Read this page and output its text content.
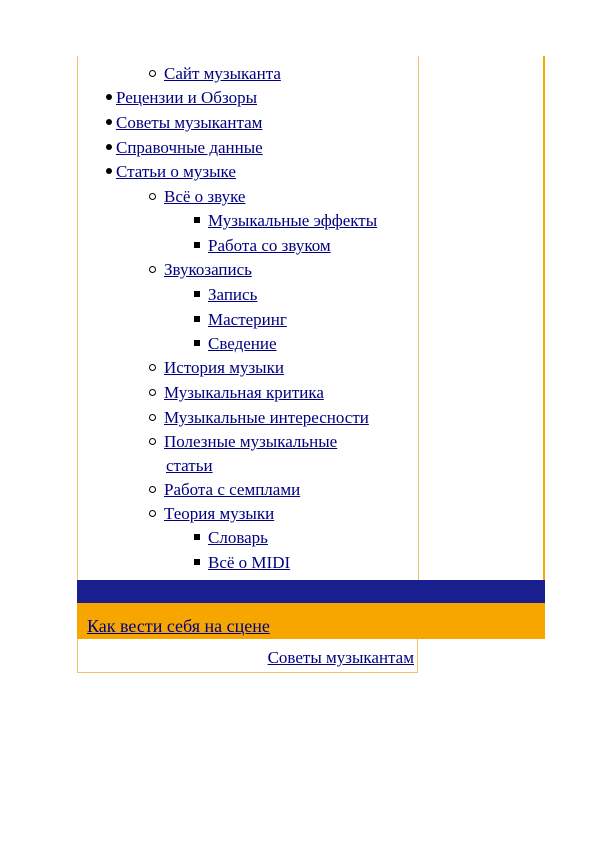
Сайт музыканта
Рецензии и Обзоры
Советы музыкантам
Справочные данные
Статьи о музыке
Всё о звуке
Музыкальные эффекты
Работа со звуком
Звукозапись
Запись
Мастеринг
Сведение
История музыки
Музыкальная критика
Музыкальные интересности
Полезные музыкальные
статьи
Работа с семплами
Теория музыки
Словарь
Всё о MIDI
Как вести себя на сцене
Советы музыкантам
